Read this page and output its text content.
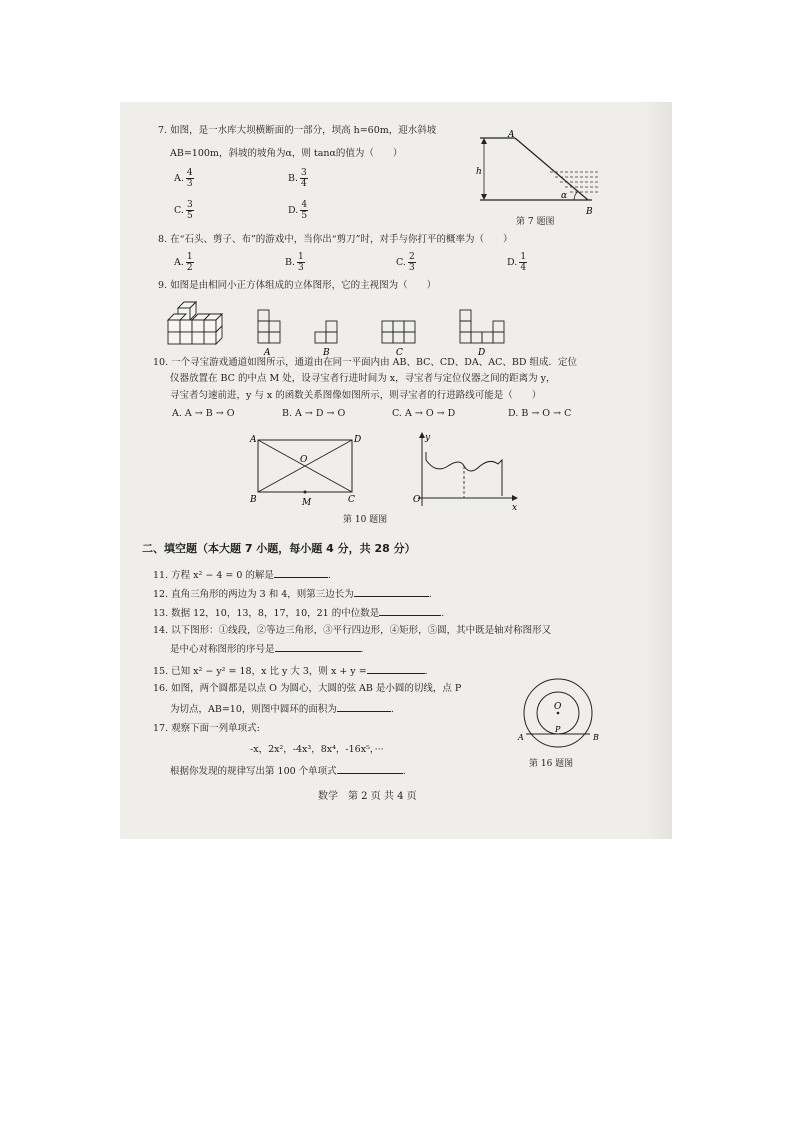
7. 如图，是一水库大坝横断面的一部分，坝高 h=60m，迎水斜坡
AB=100m，斜坡的坡角为α，则 tanα的值为（　　）
A. $\frac{4}{3}$	B. $\frac{3}{4}$
C. $\frac{3}{5}$	D. $\frac{4}{5}$
A
B
h
α
第 7 题图
8. 在“石头、剪子、布”的游戏中，当你出“剪刀”时，对手与你打平的概率为（　　）
A. $\frac{1}{2}$	B. $\frac{1}{3}$	C. $\frac{2}{3}$	D. $\frac{1}{4}$
9. 如图是由相同小正方体组成的立体图形，它的主视图为（　　）
A	B	C	D
10. 一个寻宝游戏通道如图所示，通道由在同一平面内由 AB、BC、CD、DA、AC、BD 组成．定位
仪器放置在 BC 的中点 M 处，设寻宝者行进时间为 x，寻宝者与定位仪器之间的距离为 y，
寻宝者匀速前进，y 与 x 的函数关系图像如图所示，则寻宝者的行进路线可能是（　　）
A. A → B → O	B. A → D → O	C. A → O → D	D. B → O → C
A	D
O
B	M	C
y
x
O
第 10 题图
二、填空题（本大题 7 小题，每小题 4 分，共 28 分）
11. 方程 x² − 4 = 0 的解是	.
12. 直角三角形的两边为 3 和 4，则第三边长为	.
13. 数据 12，10，13，8，17，10，21 的中位数是	.
14. 以下图形：①线段，②等边三角形，③平行四边形，④矩形，⑤圆，其中既是轴对称图形又
是中心对称图形的序号是	.
15. 已知 x² − y² = 18，x 比 y 大 3，则 x + y =	.
16. 如图，两个圆都是以点 O 为圆心，大圆的弦 AB 是小圆的切线，点 P
为切点，AB=10，则图中圆环的面积为	.	O
A
P
B
第 16 题图
17. 观察下面一列单项式:
-x，2x²，-4x³，8x⁴，-16x⁵，···
根据你发现的规律写出第 100 个单项式	.
数学　第 2 页 共 4 页
